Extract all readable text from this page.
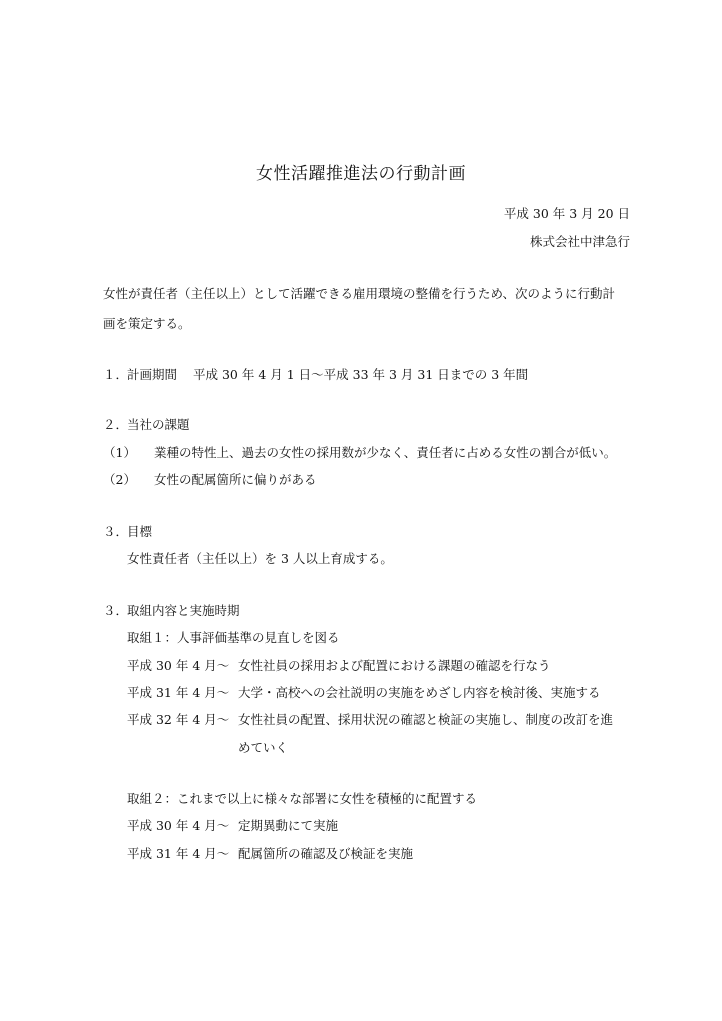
女性活躍推進法の行動計画
平成 30 年 3 月 20 日
株式会社中津急行
女性が責任者（主任以上）として活躍できる雇用環境の整備を行うため、次のように行動計
画を策定する。
１．
計画期間 平成 30 年 4 月 1 日～平成 33 年 3 月 31 日までの 3 年間
２．
当社の課題
（1） 業種の特性上、過去の女性の採用数が少なく、責任者に占める女性の割合が低い。
（2） 女性の配属箇所に偏りがある
３．
目標
女性責任者（主任以上）を 3 人以上育成する。
３．
取組内容と実施時期
取組１：人事評価基準の見直しを図る
平成 30 年 4 月～ 女性社員の採用および配置における課題の確認を行なう
平成 31 年 4 月～ 大学・高校への会社説明の実施をめざし内容を検討後、実施する
平成 32 年 4 月～ 女性社員の配置、採用状況の確認と検証の実施し、制度の改訂を進
めていく
取組２：これまで以上に様々な部署に女性を積極的に配置する
平成 30 年 4 月～ 定期異動にて実施
平成 31 年 4 月～ 配属箇所の確認及び検証を実施
